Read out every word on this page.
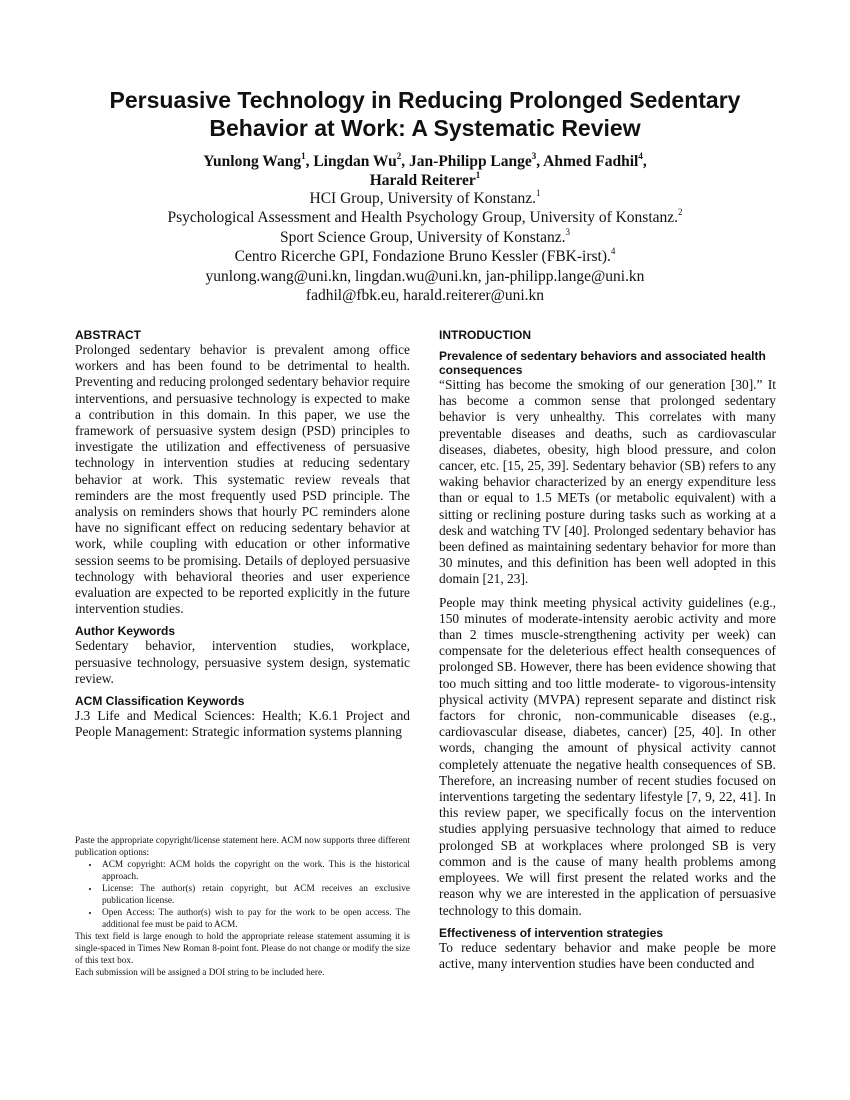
Persuasive Technology in Reducing Prolonged Sedentary Behavior at Work: A Systematic Review
Yunlong Wang$^1$, Lingdan Wu$^2$, Jan-Philipp Lange$^3$, Ahmed Fadhil$^4$,
Harald Reiterer$^1$
HCI Group, University of Konstanz.$^1$
Psychological Assessment and Health Psychology Group, University of Konstanz.$^2$
Sport Science Group, University of Konstanz.$^3$
Centro Ricerche GPI, Fondazione Bruno Kessler (FBK-irst).$^4$
yunlong.wang@uni.kn, lingdan.wu@uni.kn, jan-philipp.lange@uni.kn
fadhil@fbk.eu, harald.reiterer@uni.kn

ABSTRACT

Prolonged sedentary behavior is prevalent among office workers and has been found to be detrimental to health. Preventing and reducing prolonged sedentary behavior require interventions, and persuasive technology is expected to make a contribution in this domain. In this paper, we use the framework of persuasive system design (PSD) principles to investigate the utilization and effectiveness of persuasive technology in intervention studies at reducing sedentary behavior at work. This systematic review reveals that reminders are the most frequently used PSD principle. The analysis on reminders shows that hourly PC reminders alone have no significant effect on reducing sedentary behavior at work, while coupling with education or other informative session seems to be promising. Details of deployed persuasive technology with behavioral theories and user experience evaluation are expected to be reported explicitly in the future intervention studies.

Author Keywords

Sedentary behavior, intervention studies, workplace, persuasive technology, persuasive system design, systematic review.

ACM Classification Keywords

J.3 Life and Medical Sciences: Health; K.6.1 Project and People Management: Strategic information systems planning

Paste the appropriate copyright/license statement here. ACM now supports three different publication options:

• ACM copyright: ACM holds the copyright on the work. This is the historical approach.
• License: The author(s) retain copyright, but ACM receives an exclusive publication license.
• Open Access: The author(s) wish to pay for the work to be open access. The additional fee must be paid to ACM.

This text field is large enough to hold the appropriate release statement assuming it is single-spaced in Times New Roman 8-point font. Please do not change or modify the size of this text box.

Each submission will be assigned a DOI string to be included here.

INTRODUCTION

Prevalence of sedentary behaviors and associated health consequences

“Sitting has become the smoking of our generation [30].” It has become a common sense that prolonged sedentary behavior is very unhealthy. This correlates with many preventable diseases and deaths, such as cardiovascular diseases, diabetes, obesity, high blood pressure, and colon cancer, etc. [15, 25, 39]. Sedentary behavior (SB) refers to any waking behavior characterized by an energy expenditure less than or equal to 1.5 METs (or metabolic equivalent) with a sitting or reclining posture during tasks such as working at a desk and watching TV [40]. Prolonged sedentary behavior has been defined as maintaining sedentary behavior for more than 30 minutes, and this definition has been well adopted in this domain [21, 23].

People may think meeting physical activity guidelines (e.g., 150 minutes of moderate-intensity aerobic activity and more than 2 times muscle-strengthening activity per week) can compensate for the deleterious effect health consequences of prolonged SB. However, there has been evidence showing that too much sitting and too little moderate- to vigorous-intensity physical activity (MVPA) represent separate and distinct risk factors for chronic, non-communicable diseases (e.g., cardiovascular disease, diabetes, cancer) [25, 40]. In other words, changing the amount of physical activity cannot completely attenuate the negative health consequences of SB. Therefore, an increasing number of recent studies focused on interventions targeting the sedentary lifestyle [7, 9, 22, 41]. In this review paper, we specifically focus on the intervention studies applying persuasive technology that aimed to reduce prolonged SB at workplaces where prolonged SB is very common and is the cause of many health problems among employees. We will first present the related works and the reason why we are interested in the application of persuasive technology to this domain.

Effectiveness of intervention strategies

To reduce sedentary behavior and make people be more active, many intervention studies have been conducted and
